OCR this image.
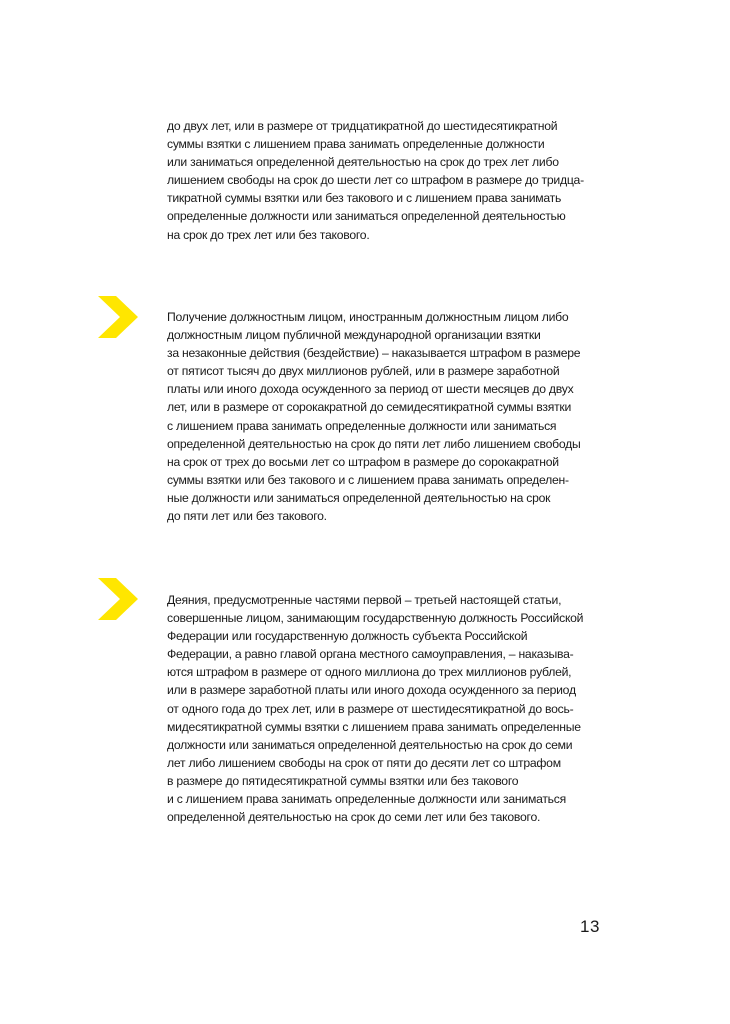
до двух лет, или в размере от тридцатикратной до шестидесятикратной
суммы взятки с лишением права занимать определенные должности
или заниматься определенной деятельностью на срок до трех лет либо
лишением свободы на срок до шести лет со штрафом в размере до тридца-
тикратной суммы взятки или без такового и с лишением права занимать
определенные должности или заниматься определенной деятельностью
на срок до трех лет или без такового.
Получение должностным лицом, иностранным должностным лицом либо
должностным лицом публичной международной организации взятки
за незаконные действия (бездействие) – наказывается штрафом в размере
от пятисот тысяч до двух миллионов рублей, или в размере заработной
платы или иного дохода осужденного за период от шести месяцев до двух
лет, или в размере от сорокакратной до семидесятикратной суммы взятки
с лишением права занимать определенные должности или заниматься
определенной деятельностью на срок до пяти лет либо лишением свободы
на срок от трех до восьми лет со штрафом в размере до сорокакратной
суммы взятки или без такового и с лишением права занимать определен-
ные должности или заниматься определенной деятельностью на срок
до пяти лет или без такового.
Деяния, предусмотренные частями первой – третьей настоящей статьи,
совершенные лицом, занимающим государственную должность Российской
Федерации или государственную должность субъекта Российской
Федерации, а равно главой органа местного самоуправления, – наказыва-
ются штрафом в размере от одного миллиона до трех миллионов рублей,
или в размере заработной платы или иного дохода осужденного за период
от одного года до трех лет, или в размере от шестидесятикратной до вось-
мидесятикратной суммы взятки с лишением права занимать определенные
должности или заниматься определенной деятельностью на срок до семи
лет либо лишением свободы на срок от пяти до десяти лет со штрафом
в размере до пятидесятикратной суммы взятки или без такового
и с лишением права занимать определенные должности или заниматься
определенной деятельностью на срок до семи лет или без такового.
13
